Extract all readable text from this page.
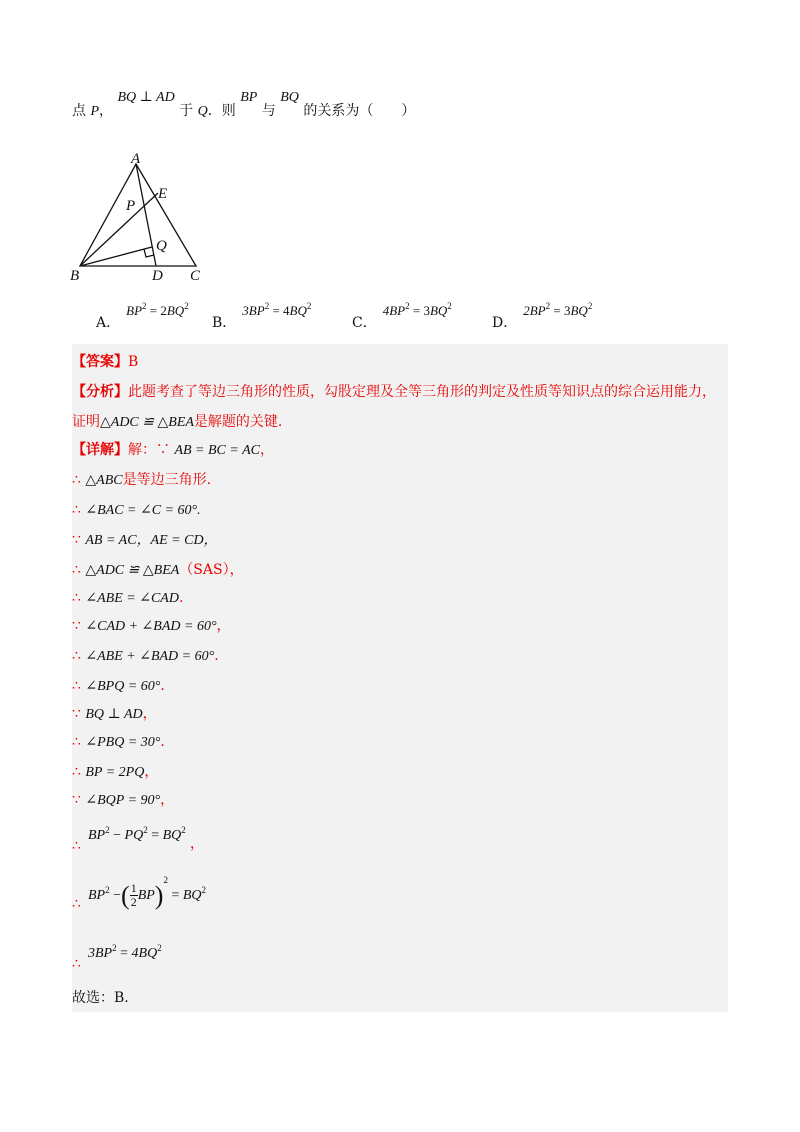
点 P， BQ ⊥ AD 于 Q．则 BP 与 BQ 的关系为（　　）
A
E
P
Q
B	D C
A．$BP^2 = 2BQ^2$
B．$3BP^2 = 4BQ^2$
C．$4BP^2 = 3BQ^2$
D．$2BP^2 = 3BQ^2$
【答案】B
【分析】此题考查了等边三角形的性质，勾股定理及全等三角形的判定及性质等知识点的综合运用能力，
证明△ADC ≌ △BEA是解题的关键.
【详解】解：∵ AB = BC = AC，
∴ △ABC是等边三角形.
∴ ∠BAC = ∠C = 60°.
∵ AB = AC，AE = CD，
∴ △ADC ≌ △BEA（SAS），
∴ ∠ABE = ∠CAD.
∵ ∠CAD + ∠BAD = 60°，
∴ ∠ABE + ∠BAD = 60°.
∴ ∠BPQ = 60°.
∵ BQ ⊥ AD，
∴ ∠PBQ = 30°.
∴ BP = 2PQ，
∵ ∠BQP = 90°，
∴
$BP^2 - PQ^2 = BQ^2$
，
∴
$BP^2$ −( $\frac{1}{2}BP)^2 = BQ^2$
∴
$3BP^2 = 4BQ^2$
故选：B.
